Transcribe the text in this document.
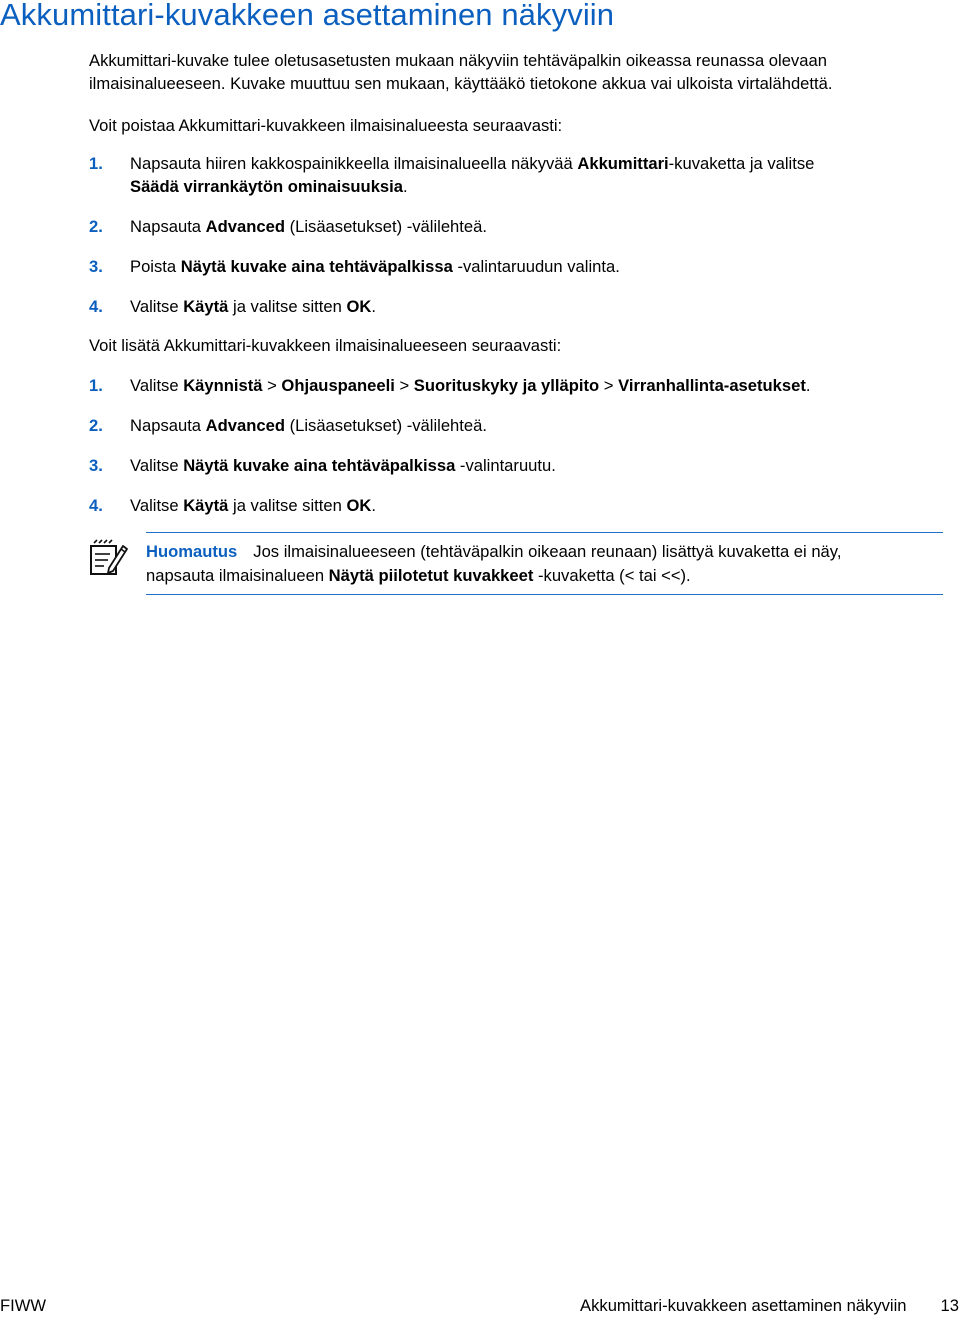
Akkumittari-kuvakkeen asettaminen näkyviin

Akkumittari-kuvake tulee oletusasetusten mukaan näkyviin tehtäväpalkin oikeassa reunassa olevaan

ilmaisinalueeseen. Kuvake muuttuu sen mukaan, käyttääkö tietokone akkua vai ulkoista virtalähdettä.

Voit poistaa Akkumittari-kuvakkeen ilmaisinalueesta seuraavasti:

1. Napsauta hiiren kakkospainikkeella ilmaisinalueella näkyvää Akkumittari-kuvaketta ja valitse
Säädä virrankäytön ominaisuuksia.
2. Napsauta Advanced (Lisäasetukset) -välilehteä.
3. Poista Näytä kuvake aina tehtäväpalkissa -valintaruudun valinta.
4. Valitse Käytä ja valitse sitten OK.

Voit lisätä Akkumittari-kuvakkeen ilmaisinalueeseen seuraavasti:

1. Valitse Käynnistä > Ohjauspaneeli > Suorituskyky ja ylläpito > Virranhallinta-asetukset.
2. Napsauta Advanced (Lisäasetukset) -välilehteä.
3. Valitse Näytä kuvake aina tehtäväpalkissa -valintaruutu.
4. Valitse Käytä ja valitse sitten OK.
Huomautus Jos ilmaisinalueeseen (tehtäväpalkin oikeaan reunaan) lisättyä kuvaketta ei näy,
napsauta ilmaisinalueen Näytä piilotetut kuvakkeet -kuvaketta (< tai <<).
FIWW	Akkumittari-kuvakkeen asettaminen näkyviin 13
